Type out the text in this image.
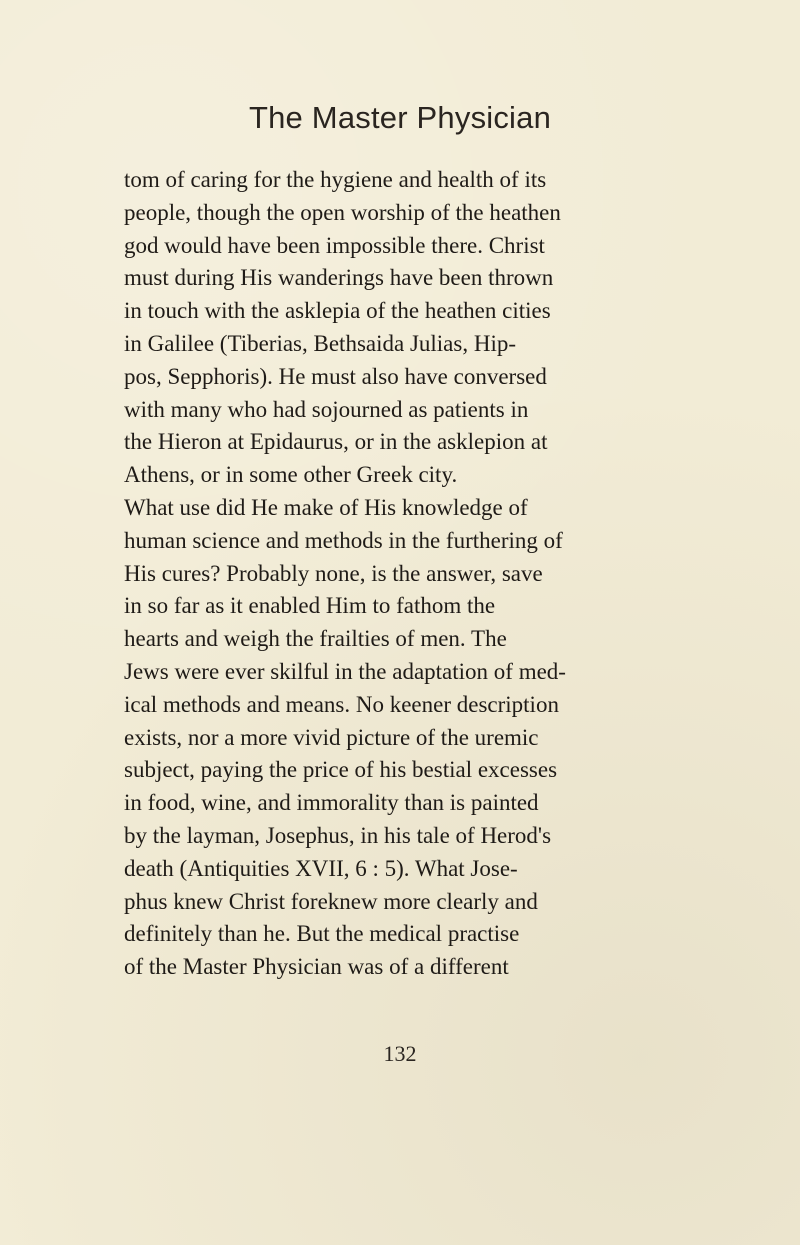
The Master Physician
tom of caring for the hygiene and health of its
people, though the open worship of the heathen
god would have been impossible there. Christ
must during His wanderings have been thrown
in touch with the asklepia of the heathen cities
in Galilee (Tiberias, Bethsaida Julias, Hip-
pos, Sepphoris). He must also have conversed
with many who had sojourned as patients in
the Hieron at Epidaurus, or in the asklepion at
Athens, or in some other Greek city.
What use did He make of His knowledge of
human science and methods in the furthering of
His cures? Probably none, is the answer, save
in so far as it enabled Him to fathom the
hearts and weigh the frailties of men. The
Jews were ever skilful in the adaptation of med-
ical methods and means. No keener description
exists, nor a more vivid picture of the uremic
subject, paying the price of his bestial excesses
in food, wine, and immorality than is painted
by the layman, Josephus, in his tale of Herod's
death (Antiquities XVII, 6 : 5). What Jose-
phus knew Christ foreknew more clearly and
definitely than he. But the medical practise
of the Master Physician was of a different
132
